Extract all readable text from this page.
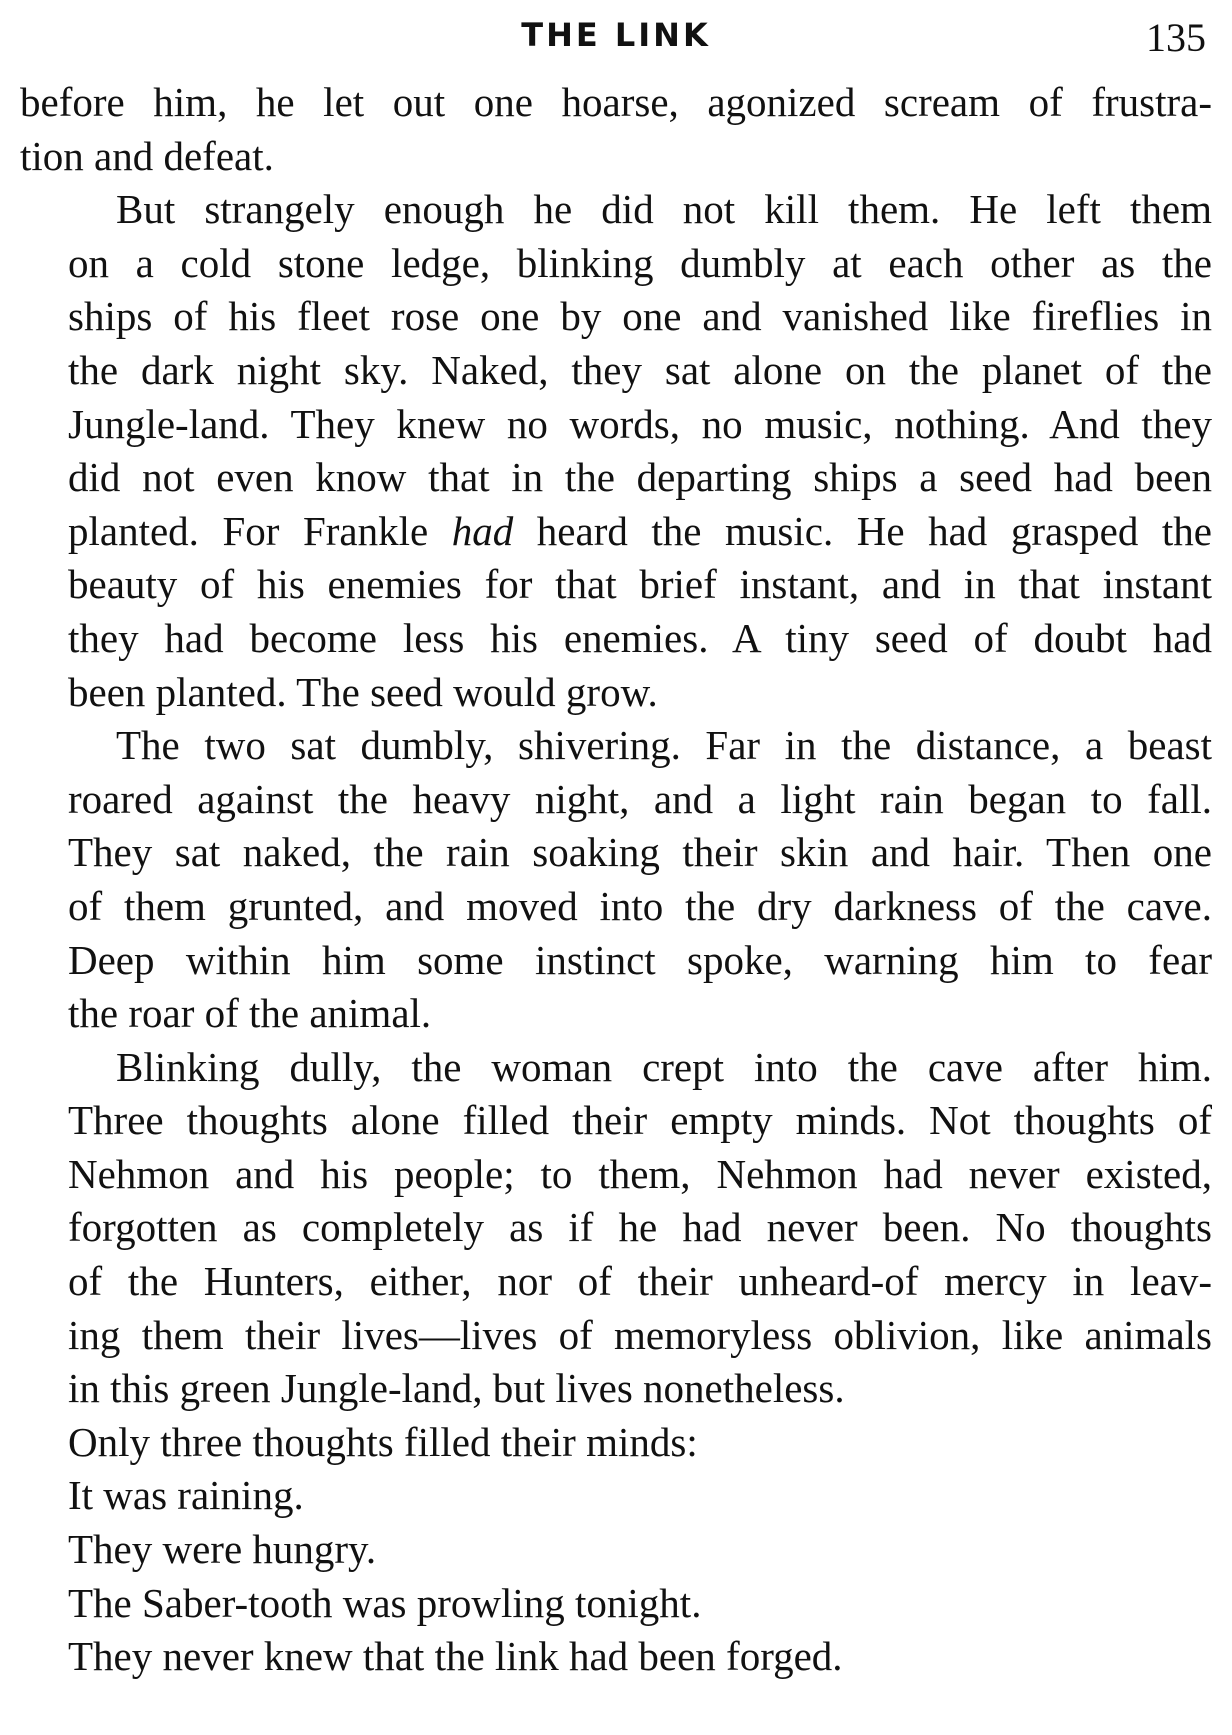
THE LINK	135
before him, he let out one hoarse, agonized scream of frustra-
tion and defeat.
But strangely enough he did not kill them. He left them
on a cold stone ledge, blinking dumbly at each other as the
ships of his fleet rose one by one and vanished like fireflies in
the dark night sky. Naked, they sat alone on the planet of the
Jungle-land. They knew no words, no music, nothing. And they
did not even know that in the departing ships a seed had been
planted. For Frankle had heard the music. He had grasped the
beauty of his enemies for that brief instant, and in that instant
they had become less his enemies. A tiny seed of doubt had
been planted. The seed would grow.
The two sat dumbly, shivering. Far in the distance, a beast
roared against the heavy night, and a light rain began to fall.
They sat naked, the rain soaking their skin and hair. Then one
of them grunted, and moved into the dry darkness of the cave.
Deep within him some instinct spoke, warning him to fear
the roar of the animal.
Blinking dully, the woman crept into the cave after him.
Three thoughts alone filled their empty minds. Not thoughts of
Nehmon and his people; to them, Nehmon had never existed,
forgotten as completely as if he had never been. No thoughts
of the Hunters, either, nor of their unheard-of mercy in leav-
ing them their lives—lives of memoryless oblivion, like animals
in this green Jungle-land, but lives nonetheless.
Only three thoughts filled their minds:
It was raining.
They were hungry.
The Saber-tooth was prowling tonight.
They never knew that the link had been forged.
